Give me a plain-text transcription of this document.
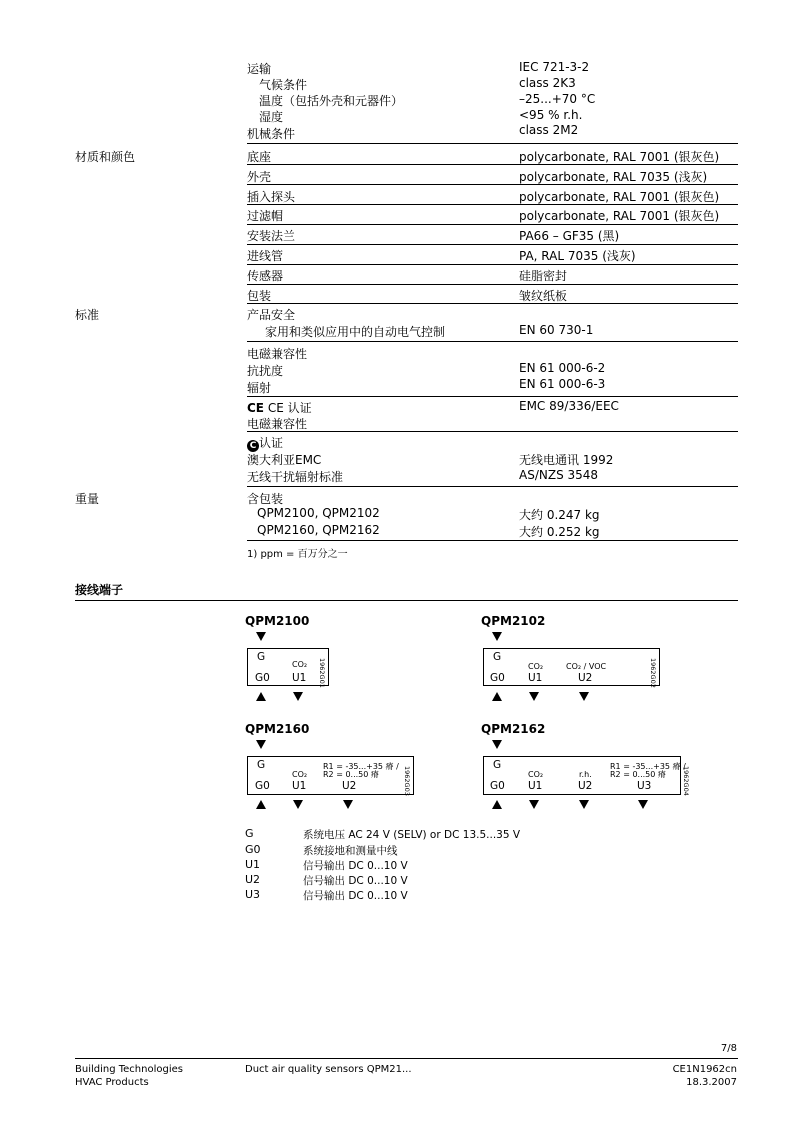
运输	IEC 721-3-2
气候条件	class 2K3
温度（包括外壳和元器件）	–25...+70 °C
湿度	<95 % r.h.
机械条件	class 2M2
材质和颜色	底座	polycarbonate, RAL 7001 (银灰色)
外壳	polycarbonate, RAL 7035 (浅灰)
插入探头	polycarbonate, RAL 7001 (银灰色)
过滤帽	polycarbonate, RAL 7001 (银灰色)
安装法兰	PA66 – GF35 (黑)
进线管	PA, RAL 7035 (浅灰)
传感器	硅脂密封
包装	皱纹纸板
标准	产品安全
家用和类似应用中的自动电气控制	EN 60 730-1
电磁兼容性
抗扰度	EN 61 000-6-2
辐射	EN 61 000-6-3
CE CE 认证	EMC 89/336/EEC
电磁兼容性
C 认证
澳大利亚EMC	无线电通讯 1992
无线干扰辐射标准	AS/NZS 3548
重量	含包装
QPM2100, QPM2102	大约 0.247 kg
QPM2160, QPM2162	大约 0.252 kg
1) ppm = 百万分之一
接线端子
QPM2100
G
CO₂
G0 U1 1962G01
QPM2102
G
CO₂	CO₂ / VOC
G0 U1	U2	1962G02
QPM2160
G	R1 = -35...+35 瘠 /
R2 = 0...50 瘠
CO₂
G0 U1	U2	1962G03
QPM2162
G	R1 = -35...+35 瘠 /
R2 = 0...50 瘠
CO₂	r.h.
G0 U1	U2	U3	1962G04
G	系统电压 AC 24 V (SELV) or DC 13.5...35 V
G0	系统接地和测量中线
U1	信号输出 DC 0...10 V
U2	信号输出 DC 0...10 V
U3	信号输出 DC 0...10 V
7/8
Building Technologies
HVAC Products
Duct air quality sensors QPM21...	CE1N1962cn
18.3.2007
